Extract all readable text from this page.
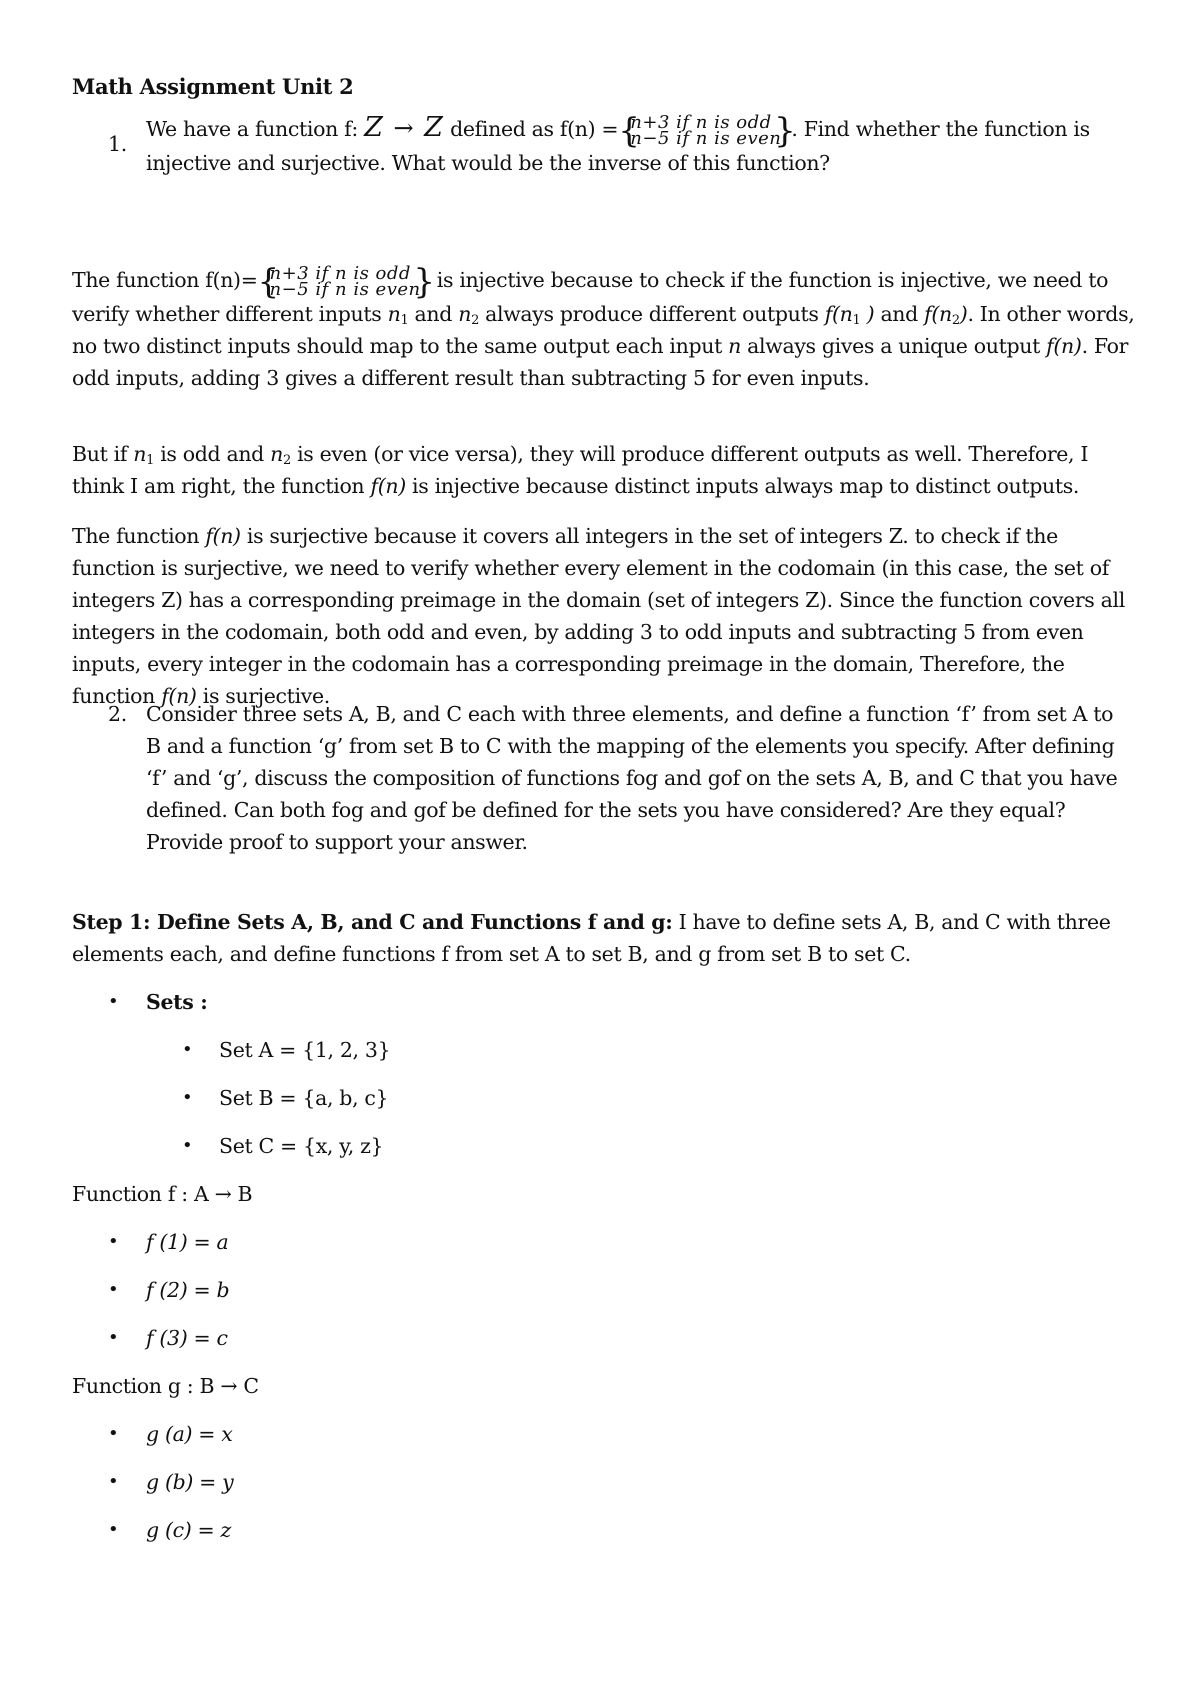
Math Assignment Unit 2
1.
We have a function f: Z → Z defined as f(n) = {
n+3 if n is odd
n−5 if n is even
}
. Find whether the function is injective and surjective. What would be the inverse of this function?
The function f(n)= {
n+3 if n is odd
n−5 if n is even
} is injective because to check if the function is injective, we need to verify whether different inputs $n_1$ and $n_2$ always produce different outputs $f(n_1$ ) and $f(n_2)$. In other words, no two distinct inputs should map to the same output each input n always gives a unique output f(n). For odd inputs, adding 3 gives a different result than subtracting 5 for even inputs.
But if $n_1$ is odd and $n_2$ is even (or vice versa), they will produce different outputs as well. Therefore, I think I am right, the function f(n) is injective because distinct inputs always map to distinct outputs.
The function f(n) is surjective because it covers all integers in the set of integers Z. to check if the function is surjective, we need to verify whether every element in the codomain (in this case, the set of integers Z) has a corresponding preimage in the domain (set of integers Z). Since the function covers all integers in the codomain, both odd and even, by adding 3 to odd inputs and subtracting 5 from even inputs, every integer in the codomain has a corresponding preimage in the domain, Therefore, the function f(n) is surjective.
2. Consider three sets A, B, and C each with three elements, and define a function ‘f’ from set A to B and a function ‘g’ from set B to C with the mapping of the elements you specify. After defining ‘f’ and ‘g’, discuss the composition of functions fog and gof on the sets A, B, and C that you have defined. Can both fog and gof be defined for the sets you have considered? Are they equal? Provide proof to support your answer.
Step 1: Define Sets A, B, and C and Functions f and g: I have to define sets A, B, and C with three elements each, and define functions f from set A to set B, and g from set B to set C.
• Sets :
• Set A = {1, 2, 3}
• Set B = {a, b, c}
• Set C = {x, y, z}
Function f : A → B
• f (1) = a
• f (2) = b
• f (3) = c
Function g : B → C
• g (a) = x
• g (b) = y
• g (c) = z
